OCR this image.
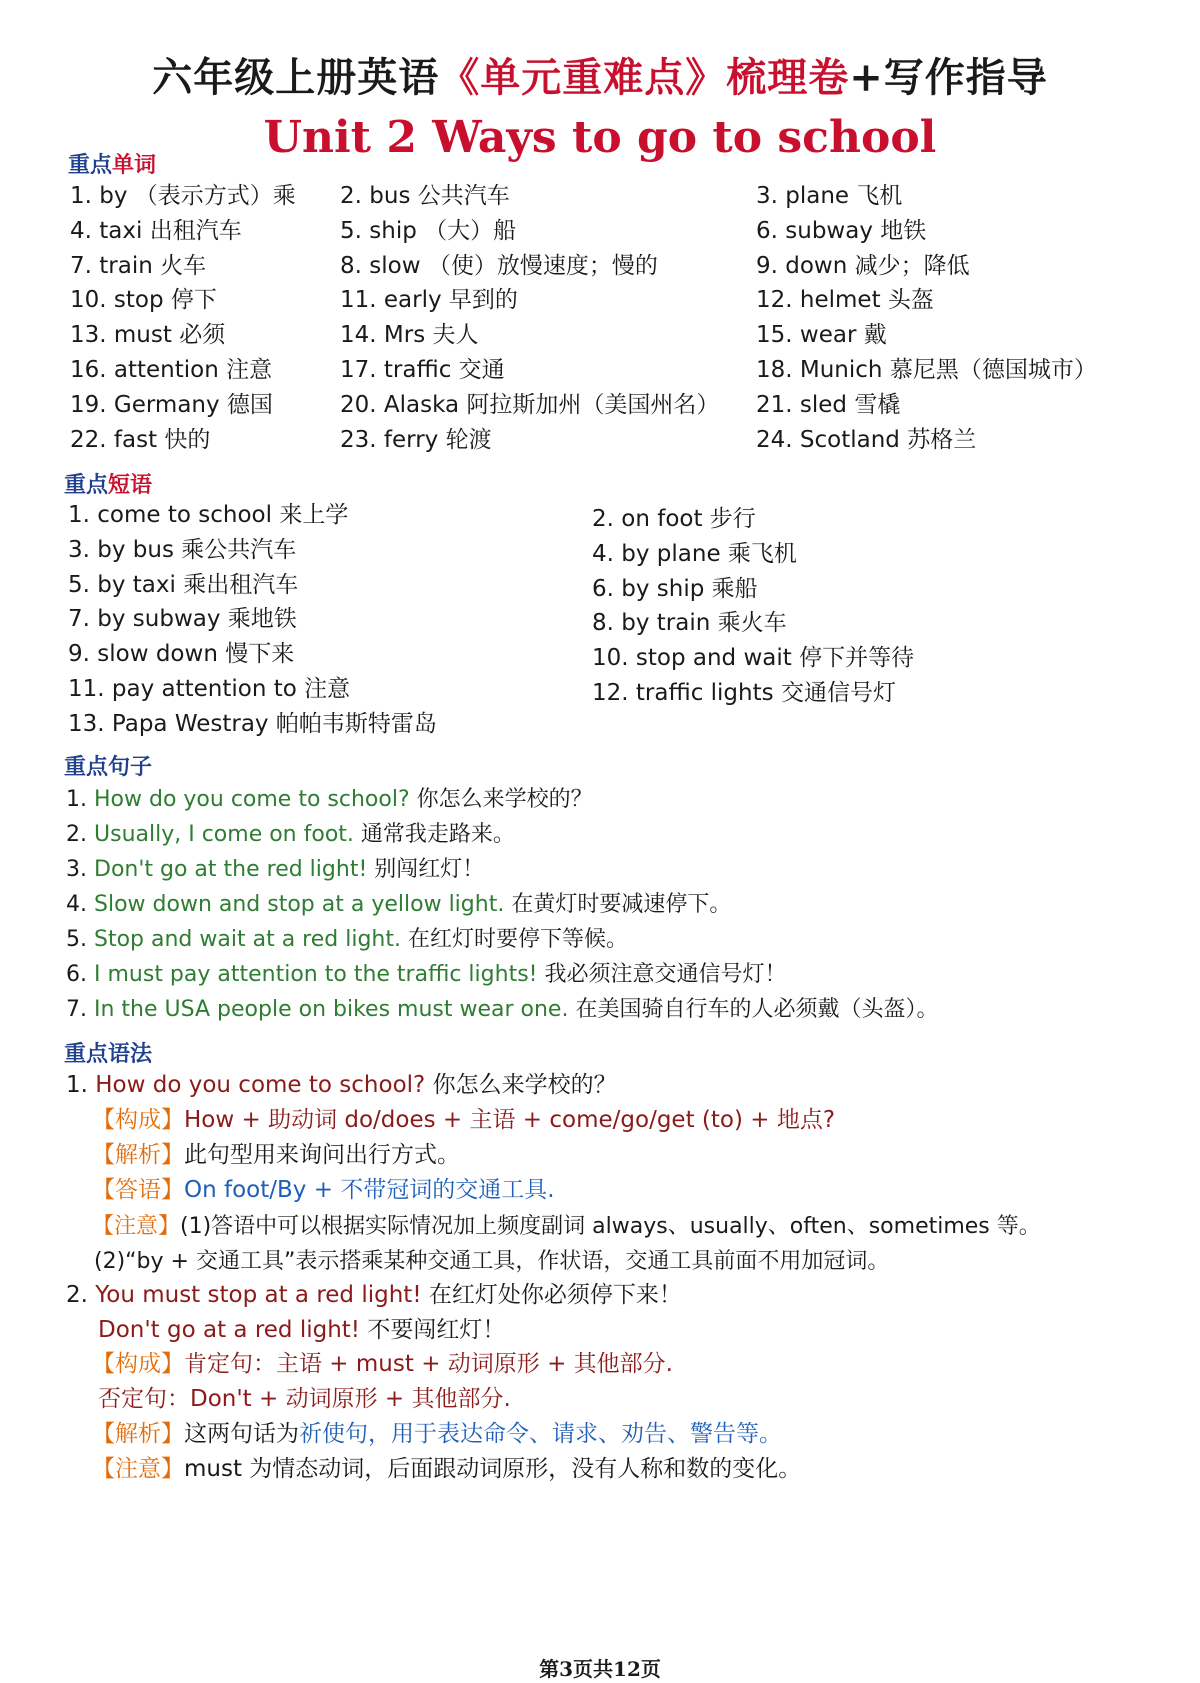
六年级上册英语《单元重难点》梳理卷+写作指导
Unit 2 Ways to go to school
重点单词
1. by （表示方式）乘 2. bus 公共汽车	3. plane 飞机
4. taxi 出租汽车	5. ship （大）船	6. subway 地铁
7. train 火车	8. slow （使）放慢速度；慢的	9. down 减少；降低
10. stop 停下	11. early 早到的	12. helmet 头盔
13. must 必须	14. Mrs 夫人	15. wear 戴
16. attention 注意	17. traffic 交通	18. Munich 慕尼黑（德国城市）
19. Germany 德国	20. Alaska 阿拉斯加州（美国州名） 21. sled 雪橇
22. fast 快的	23. ferry 轮渡	24. Scotland 苏格兰
重点短语
1. come to school 来上学	2. on foot 步行
3. by bus 乘公共汽车	4. by plane 乘飞机
5. by taxi 乘出租汽车	6. by ship 乘船
7. by subway 乘地铁	8. by train 乘火车
9. slow down 慢下来	10. stop and wait 停下并等待
11. pay attention to 注意	12. traffic lights 交通信号灯
13. Papa Westray 帕帕韦斯特雷岛
重点句子
1. How do you come to school? 你怎么来学校的？
2. Usually, I come on foot. 通常我走路来。
3. Don't go at the red light! 别闯红灯！
4. Slow down and stop at a yellow light. 在黄灯时要减速停下。
5. Stop and wait at a red light. 在红灯时要停下等候。
6. I must pay attention to the traffic lights! 我必须注意交通信号灯！
7. In the USA people on bikes must wear one. 在美国骑自行车的人必须戴（头盔）。
重点语法
1. How do you come to school? 你怎么来学校的？
【构成】How + 助动词 do/does + 主语 + come/go/get (to) + 地点?
【解析】此句型用来询问出行方式。
【答语】On foot/By + 不带冠词的交通工具.
【注意】(1)答语中可以根据实际情况加上频度副词 always、usually、often、sometimes 等。
(2)“by + 交通工具”表示搭乘某种交通工具，作状语，交通工具前面不用加冠词。
2. You must stop at a red light! 在红灯处你必须停下来！
Don't go at a red light! 不要闯红灯！
【构成】肯定句：主语 + must + 动词原形 + 其他部分.
否定句：Don't + 动词原形 + 其他部分.
【解析】这两句话为祈使句，用于表达命令、请求、劝告、警告等。
【注意】must 为情态动词，后面跟动词原形，没有人称和数的变化。
第3页共12页
